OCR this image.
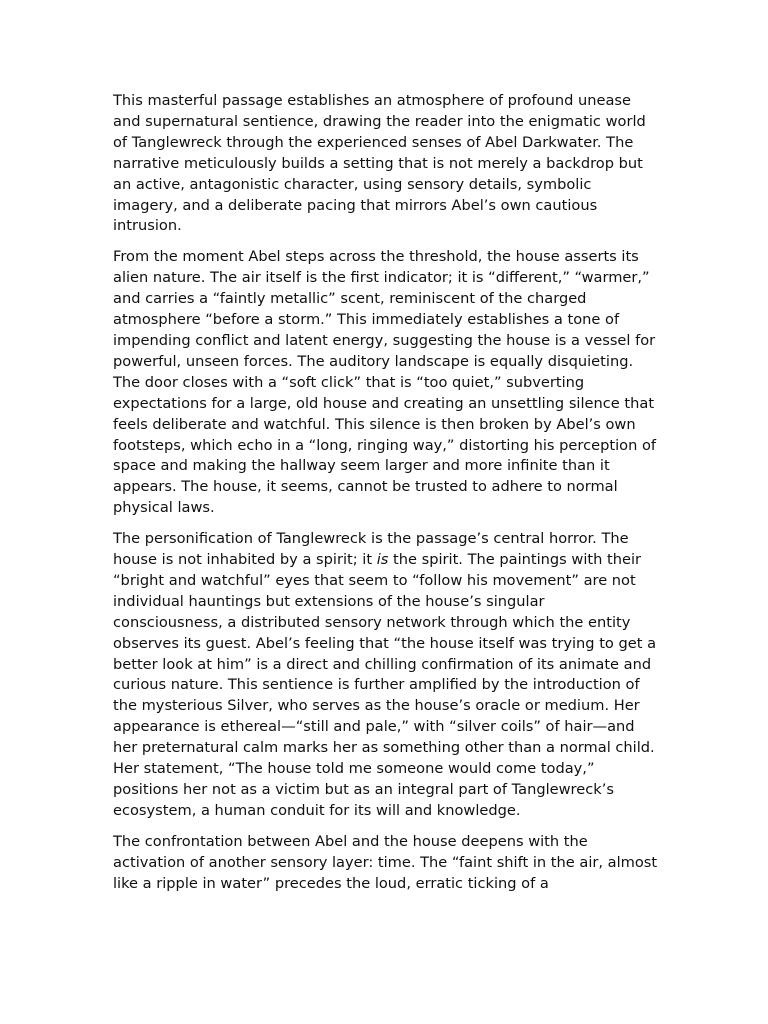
This masterful passage establishes an atmosphere of profound unease and supernatural sentience, drawing the reader into the enigmatic world of Tanglewreck through the experienced senses of Abel Darkwater. The narrative meticulously builds a setting that is not merely a backdrop but an active, antagonistic character, using sensory details, symbolic imagery, and a deliberate pacing that mirrors Abel’s own cautious intrusion.

From the moment Abel steps across the threshold, the house asserts its alien nature. The air itself is the first indicator; it is “different,” “warmer,” and carries a “faintly metallic” scent, reminiscent of the charged atmosphere “before a storm.” This immediately establishes a tone of impending conflict and latent energy, suggesting the house is a vessel for powerful, unseen forces. The auditory landscape is equally disquieting. The door closes with a “soft click” that is “too quiet,” subverting expectations for a large, old house and creating an unsettling silence that feels deliberate and watchful. This silence is then broken by Abel’s own footsteps, which echo in a “long, ringing way,” distorting his perception of space and making the hallway seem larger and more infinite than it appears. The house, it seems, cannot be trusted to adhere to normal physical laws.

The personification of Tanglewreck is the passage’s central horror. The house is not inhabited by a spirit; it is the spirit. The paintings with their “bright and watchful” eyes that seem to “follow his movement” are not individual hauntings but extensions of the house’s singular consciousness, a distributed sensory network through which the entity observes its guest. Abel’s feeling that “the house itself was trying to get a better look at him” is a direct and chilling confirmation of its animate and curious nature. This sentience is further amplified by the introduction of the mysterious Silver, who serves as the house’s oracle or medium. Her appearance is ethereal—“still and pale,” with “silver coils” of hair—and her preternatural calm marks her as something other than a normal child. Her statement, “The house told me someone would come today,” positions her not as a victim but as an integral part of Tanglewreck’s ecosystem, a human conduit for its will and knowledge.

The confrontation between Abel and the house deepens with the activation of another sensory layer: time. The “faint shift in the air, almost like a ripple in water” precedes the loud, erratic ticking of a
